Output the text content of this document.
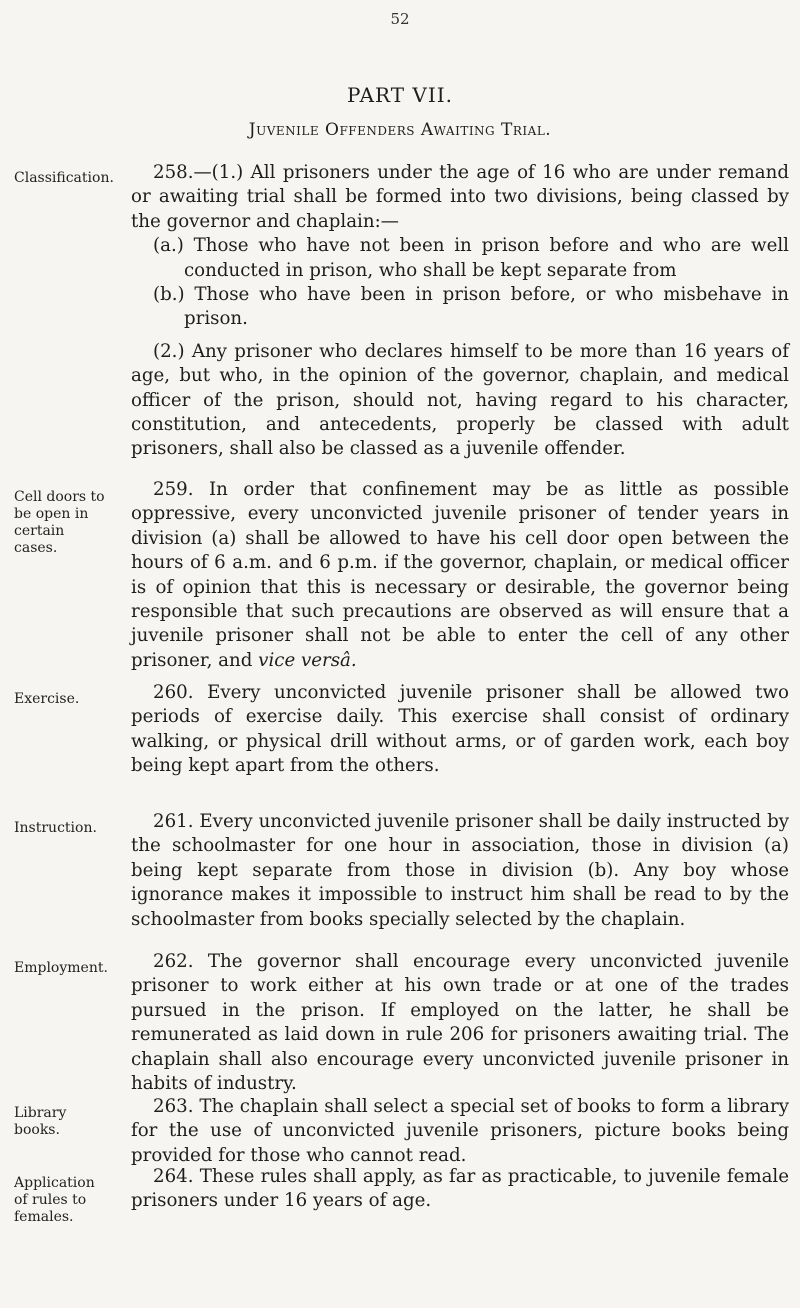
52
PART VII.
Juvenile Offenders Awaiting Trial.
Classification.
Cell doors to be open in certain cases.
Exercise.
Instruction.
Employment.
Library books.
Application of rules to females.

258.—(1.) All prisoners under the age of 16 who are under remand or awaiting trial shall be formed into two divisions, being classed by the governor and chaplain:—

(a.) Those who have not been in prison before and who are well conducted in prison, who shall be kept separate from

(b.) Those who have been in prison before, or who misbehave in prison.

(2.) Any prisoner who declares himself to be more than 16 years of age, but who, in the opinion of the governor, chaplain, and medical officer of the prison, should not, having regard to his character, constitution, and antecedents, properly be classed with adult prisoners, shall also be classed as a juvenile offender.

259. In order that confinement may be as little as possible oppressive, every unconvicted juvenile prisoner of tender years in division (a) shall be allowed to have his cell door open between the hours of 6 a.m. and 6 p.m. if the governor, chaplain, or medical officer is of opinion that this is necessary or desirable, the governor being responsible that such precautions are observed as will ensure that a juvenile prisoner shall not be able to enter the cell of any other prisoner, and vice versâ.

260. Every unconvicted juvenile prisoner shall be allowed two periods of exercise daily. This exercise shall consist of ordinary walking, or physical drill without arms, or of garden work, each boy being kept apart from the others.

261. Every unconvicted juvenile prisoner shall be daily instructed by the schoolmaster for one hour in association, those in division (a) being kept separate from those in division (b). Any boy whose ignorance makes it impossible to instruct him shall be read to by the schoolmaster from books specially selected by the chaplain.

262. The governor shall encourage every unconvicted juvenile prisoner to work either at his own trade or at one of the trades pursued in the prison. If employed on the latter, he shall be remunerated as laid down in rule 206 for prisoners awaiting trial. The chaplain shall also encourage every unconvicted juvenile prisoner in habits of industry.

263. The chaplain shall select a special set of books to form a library for the use of unconvicted juvenile prisoners, picture books being provided for those who cannot read.

264. These rules shall apply, as far as practicable, to juvenile female prisoners under 16 years of age.
